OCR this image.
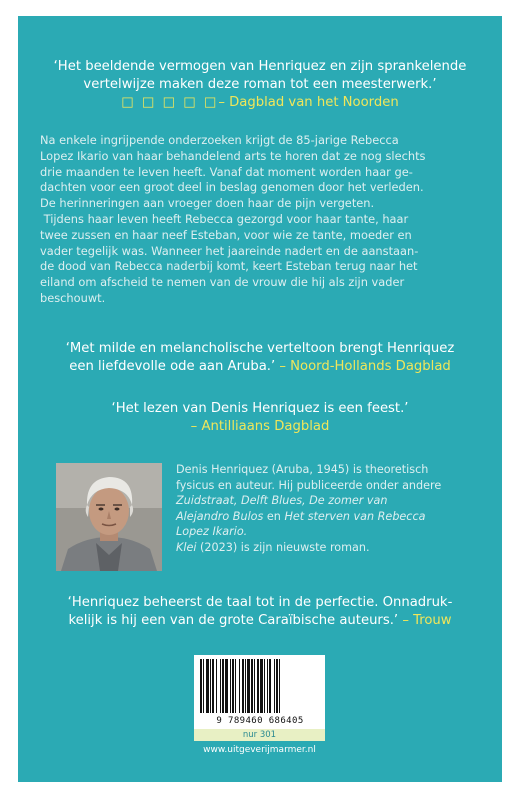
‘Het beeldende vermogen van Henriquez en zijn sprankelende
vertelwijze maken deze roman tot een meesterwerk.’
□ □ □ □ □– Dagblad van het Noorden

Na enkele ingrijpende onderzoeken krijgt de 85-jarige Rebecca

Lopez Ikario van haar behandelend arts te horen dat ze nog slechts

drie maanden te leven heeft. Vanaf dat moment worden haar ge-

dachten voor een groot deel in beslag genomen door het verleden.

De herinneringen aan vroeger doen haar de pijn vergeten.

Tijdens haar leven heeft Rebecca gezorgd voor haar tante, haar

twee zussen en haar neef Esteban, voor wie ze tante, moeder en

vader tegelijk was. Wanneer het jaareinde nadert en de aanstaan-

de dood van Rebecca naderbij komt, keert Esteban terug naar het

eiland om afscheid te nemen van de vrouw die hij als zijn vader

beschouwt.

‘Met milde en melancholische verteltoon brengt Henriquez
een liefdevolle ode aan Aruba.’ – Noord-Hollands Dagblad
‘Het lezen van Denis Henriquez is een feest.’
– Antilliaans Dagblad

Denis Henriquez (Aruba, 1945) is theoretisch

fysicus en auteur. Hij publiceerde onder andere

Zuidstraat, Delft Blues, De zomer van

Alejandro Bulos en Het sterven van Rebecca

Lopez Ikario.

Klei (2023) is zijn nieuwste roman.

‘Henriquez beheerst de taal tot in de perfectie. Onnadruk-
kelijk is hij een van de grote Caraïbische auteurs.’ – Trouw
9 789460 686405
nur 301
www.uitgeverijmarmer.nl
